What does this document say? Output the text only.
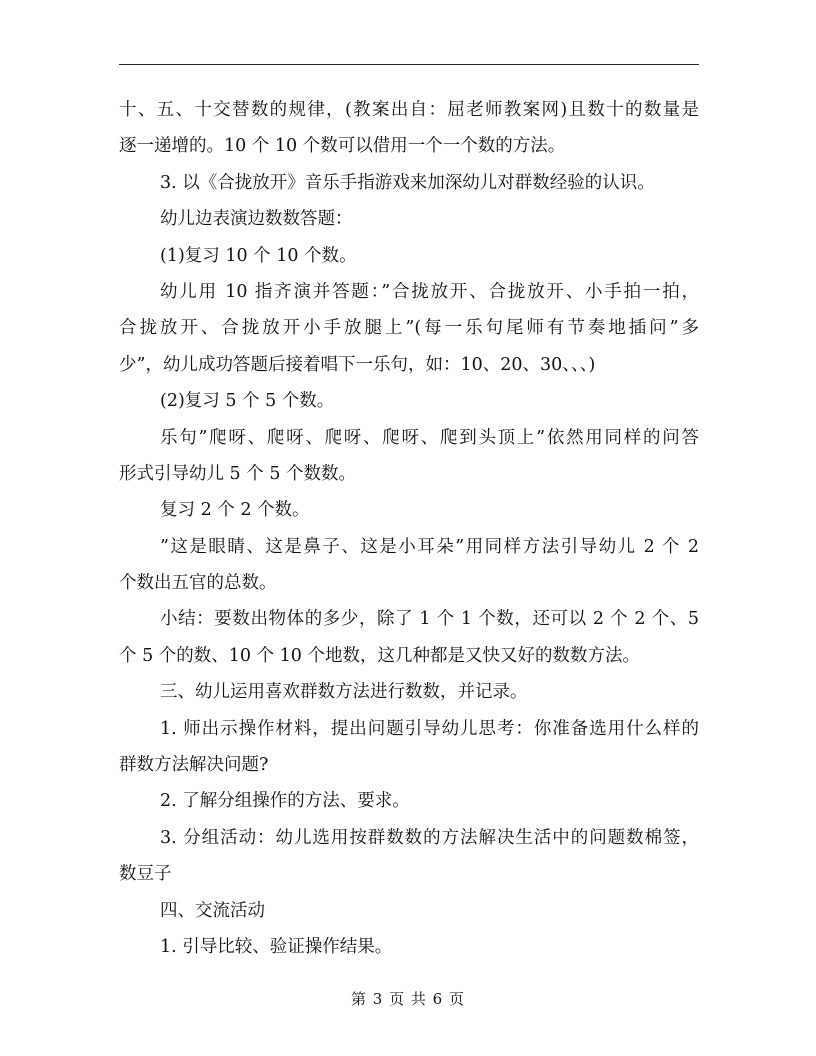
十、五、十交替数的规律，(教案出自：屈老师教案网)且数十的数量是
逐一递增的。10 个 10 个数可以借用一个一个数的方法。
3. 以《合拢放开》音乐手指游戏来加深幼儿对群数经验的认识。
幼儿边表演边数数答题：
(1)复习 10 个 10 个数。
幼儿用 10 指齐演并答题：”合拢放开、合拢放开、小手拍一拍，
合拢放开、合拢放开小手放腿上”(每一乐句尾师有节奏地插问”多
少”，幼儿成功答题后接着唱下一乐句，如：10、20、30、、、)
(2)复习 5 个 5 个数。
乐句”爬呀、爬呀、爬呀、爬呀、爬到头顶上”依然用同样的问答
形式引导幼儿 5 个 5 个数数。
复习 2 个 2 个数。
”这是眼睛、这是鼻子、这是小耳朵”用同样方法引导幼儿 2 个 2
个数出五官的总数。
小结：要数出物体的多少，除了 1 个 1 个数，还可以 2 个 2 个、5
个 5 个的数、10 个 10 个地数，这几种都是又快又好的数数方法。
三、幼儿运用喜欢群数方法进行数数，并记录。
1. 师出示操作材料，提出问题引导幼儿思考：你准备选用什么样的
群数方法解决问题?
2. 了解分组操作的方法、要求。
3. 分组活动：幼儿选用按群数数的方法解决生活中的问题数棉签，
数豆子
四、交流活动
1. 引导比较、验证操作结果。
第 3 页 共 6 页
